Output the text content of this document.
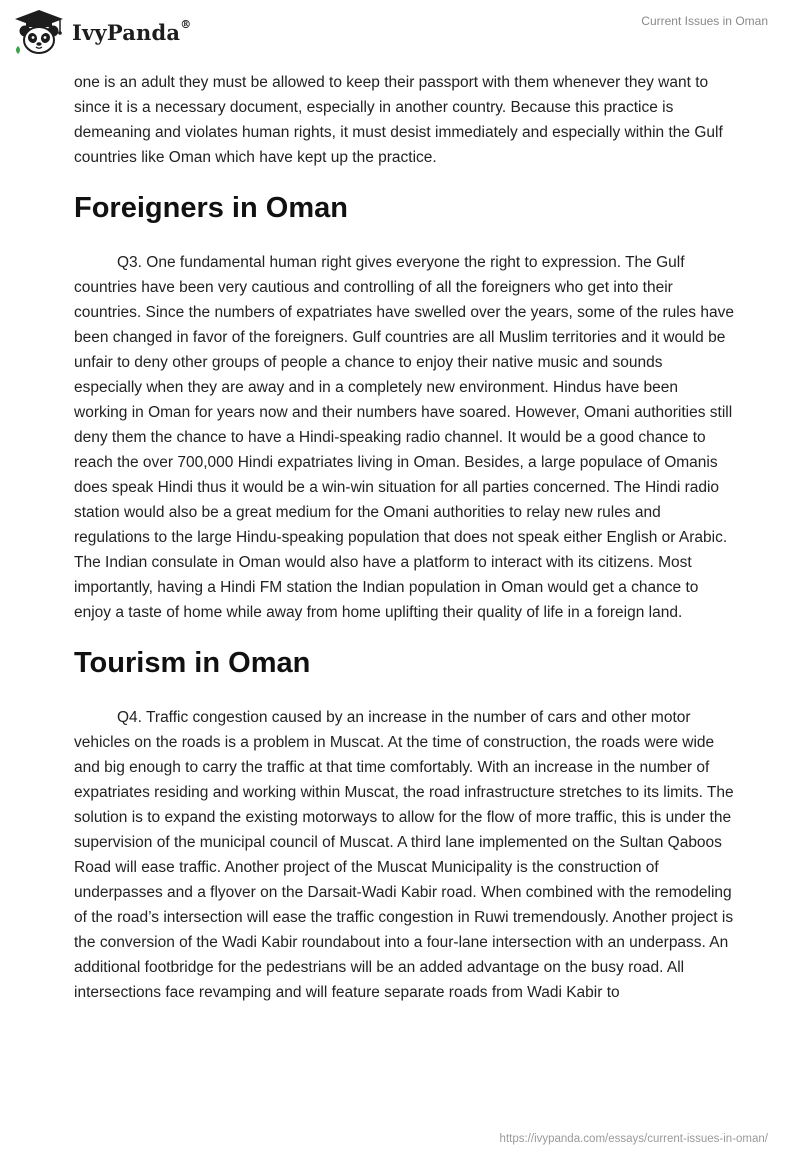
IvyPanda®	Current Issues in Oman

one is an adult they must be allowed to keep their passport with them whenever they want to since it is a necessary document, especially in another country. Because this practice is demeaning and violates human rights, it must desist immediately and especially within the Gulf countries like Oman which have kept up the practice.

Foreigners in Oman

Q3. One fundamental human right gives everyone the right to expression. The Gulf countries have been very cautious and controlling of all the foreigners who get into their countries. Since the numbers of expatriates have swelled over the years, some of the rules have been changed in favor of the foreigners. Gulf countries are all Muslim territories and it would be unfair to deny other groups of people a chance to enjoy their native music and sounds especially when they are away and in a completely new environment. Hindus have been working in Oman for years now and their numbers have soared. However, Omani authorities still deny them the chance to have a Hindi-speaking radio channel. It would be a good chance to reach the over 700,000 Hindi expatriates living in Oman. Besides, a large populace of Omanis does speak Hindi thus it would be a win-win situation for all parties concerned. The Hindi radio station would also be a great medium for the Omani authorities to relay new rules and regulations to the large Hindu-speaking population that does not speak either English or Arabic. The Indian consulate in Oman would also have a platform to interact with its citizens. Most importantly, having a Hindi FM station the Indian population in Oman would get a chance to enjoy a taste of home while away from home uplifting their quality of life in a foreign land.

Tourism in Oman

Q4. Traffic congestion caused by an increase in the number of cars and other motor vehicles on the roads is a problem in Muscat. At the time of construction, the roads were wide and big enough to carry the traffic at that time comfortably. With an increase in the number of expatriates residing and working within Muscat, the road infrastructure stretches to its limits. The solution is to expand the existing motorways to allow for the flow of more traffic, this is under the supervision of the municipal council of Muscat. A third lane implemented on the Sultan Qaboos Road will ease traffic. Another project of the Muscat Municipality is the construction of underpasses and a flyover on the Darsait-Wadi Kabir road. When combined with the remodeling of the road’s intersection will ease the traffic congestion in Ruwi tremendously. Another project is the conversion of the Wadi Kabir roundabout into a four-lane intersection with an underpass. An additional footbridge for the pedestrians will be an added advantage on the busy road. All intersections face revamping and will feature separate roads from Wadi Kabir to

https://ivypanda.com/essays/current-issues-in-oman/
